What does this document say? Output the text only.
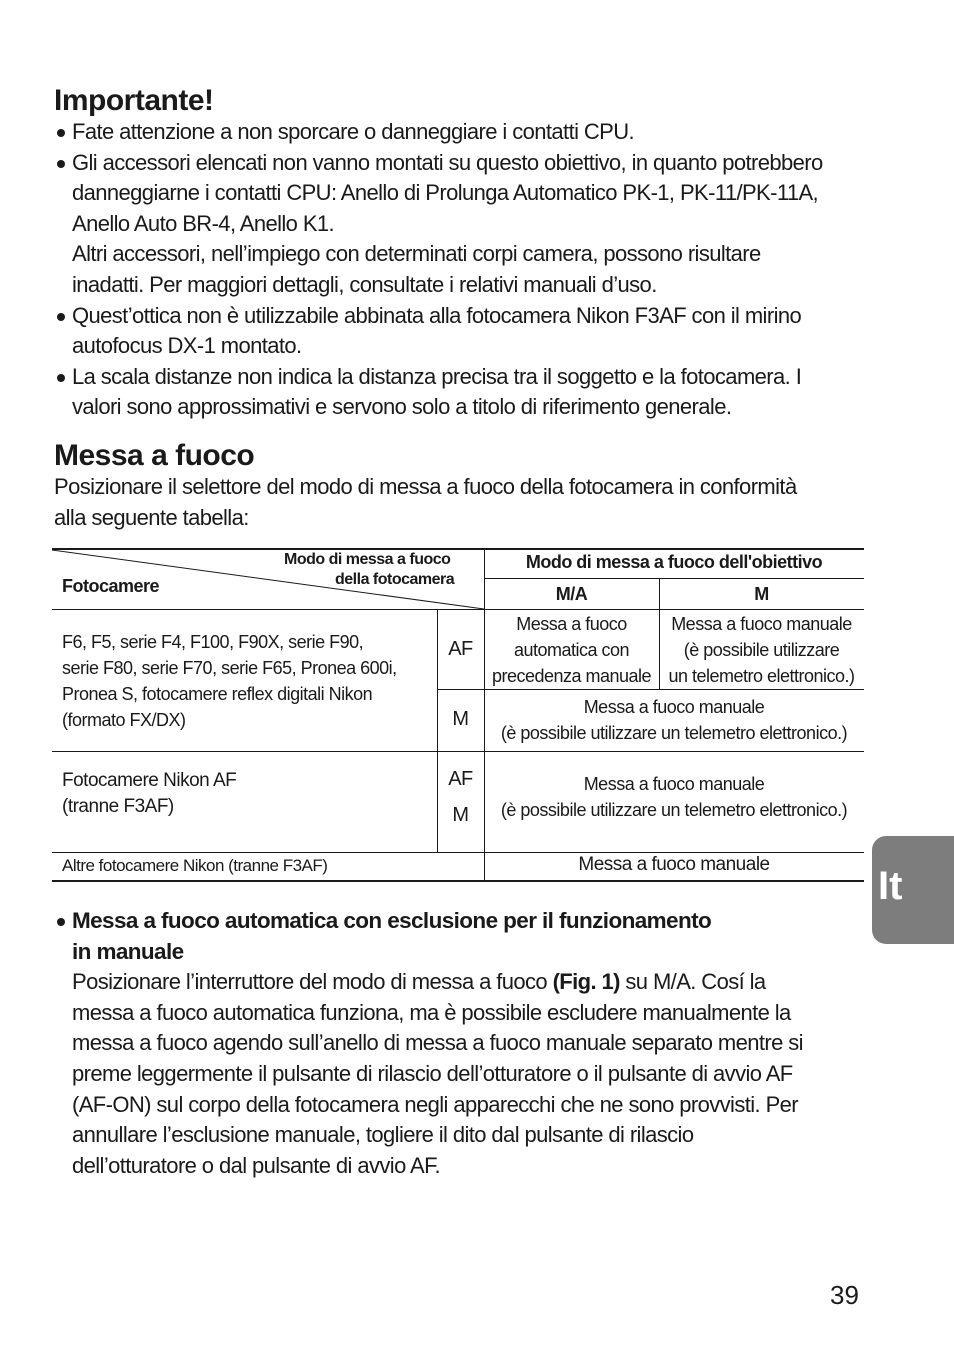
Importante!
Fate attenzione a non sporcare o danneggiare i contatti CPU.
Gli accessori elencati non vanno montati su questo obiettivo, in quanto potrebbero
danneggiarne i contatti CPU: Anello di Prolunga Automatico PK-1, PK-11/PK-11A,
Anello Auto BR-4, Anello K1.
Altri accessori, nell’impiego con determinati corpi camera, possono risultare
inadatti. Per maggiori dettagli, consultate i relativi manuali d’uso.
Quest’ottica non è utilizzabile abbinata alla fotocamera Nikon F3AF con il mirino
autofocus DX-1 montato.
La scala distanze non indica la distanza precisa tra il soggetto e la fotocamera. I
valori sono approssimativi e servono solo a titolo di riferimento generale.
Messa a fuoco
Posizionare il selettore del modo di messa a fuoco della fotocamera in conformità
alla seguente tabella:
Modo di messa a fuoco
della fotocamera
Fotocamere
Modo di messa a fuoco dell'obiettivo
M/A	M
F6, F5, serie F4, F100, F90X, serie F90,
serie F80, serie F70, serie F65, Pronea 600i,
Pronea S, fotocamere reflex digitali Nikon
(formato FX/DX)
AF
M
Messa a fuoco
automatica con
precedenza manuale
Messa a fuoco manuale
(è possibile utilizzare
un telemetro elettronico.)
Messa a fuoco manuale
(è possibile utilizzare un telemetro elettronico.)
Fotocamere Nikon AF
(tranne F3AF)
AF
M
Messa a fuoco manuale
(è possibile utilizzare un telemetro elettronico.)
Altre fotocamere Nikon (tranne F3AF)	Messa a fuoco manuale
Messa a fuoco automatica con esclusione per il funzionamento
in manuale
Posizionare l’interruttore del modo di messa a fuoco (Fig. 1) su M/A. Cosí la
messa a fuoco automatica funziona, ma è possibile escludere manualmente la
messa a fuoco agendo sull’anello di messa a fuoco manuale separato mentre si
preme leggermente il pulsante di rilascio dell’otturatore o il pulsante di avvio AF
(AF-ON) sul corpo della fotocamera negli apparecchi che ne sono provvisti. Per
annullare l’esclusione manuale, togliere il dito dal pulsante di rilascio
dell’otturatore o dal pulsante di avvio AF.
It
39
